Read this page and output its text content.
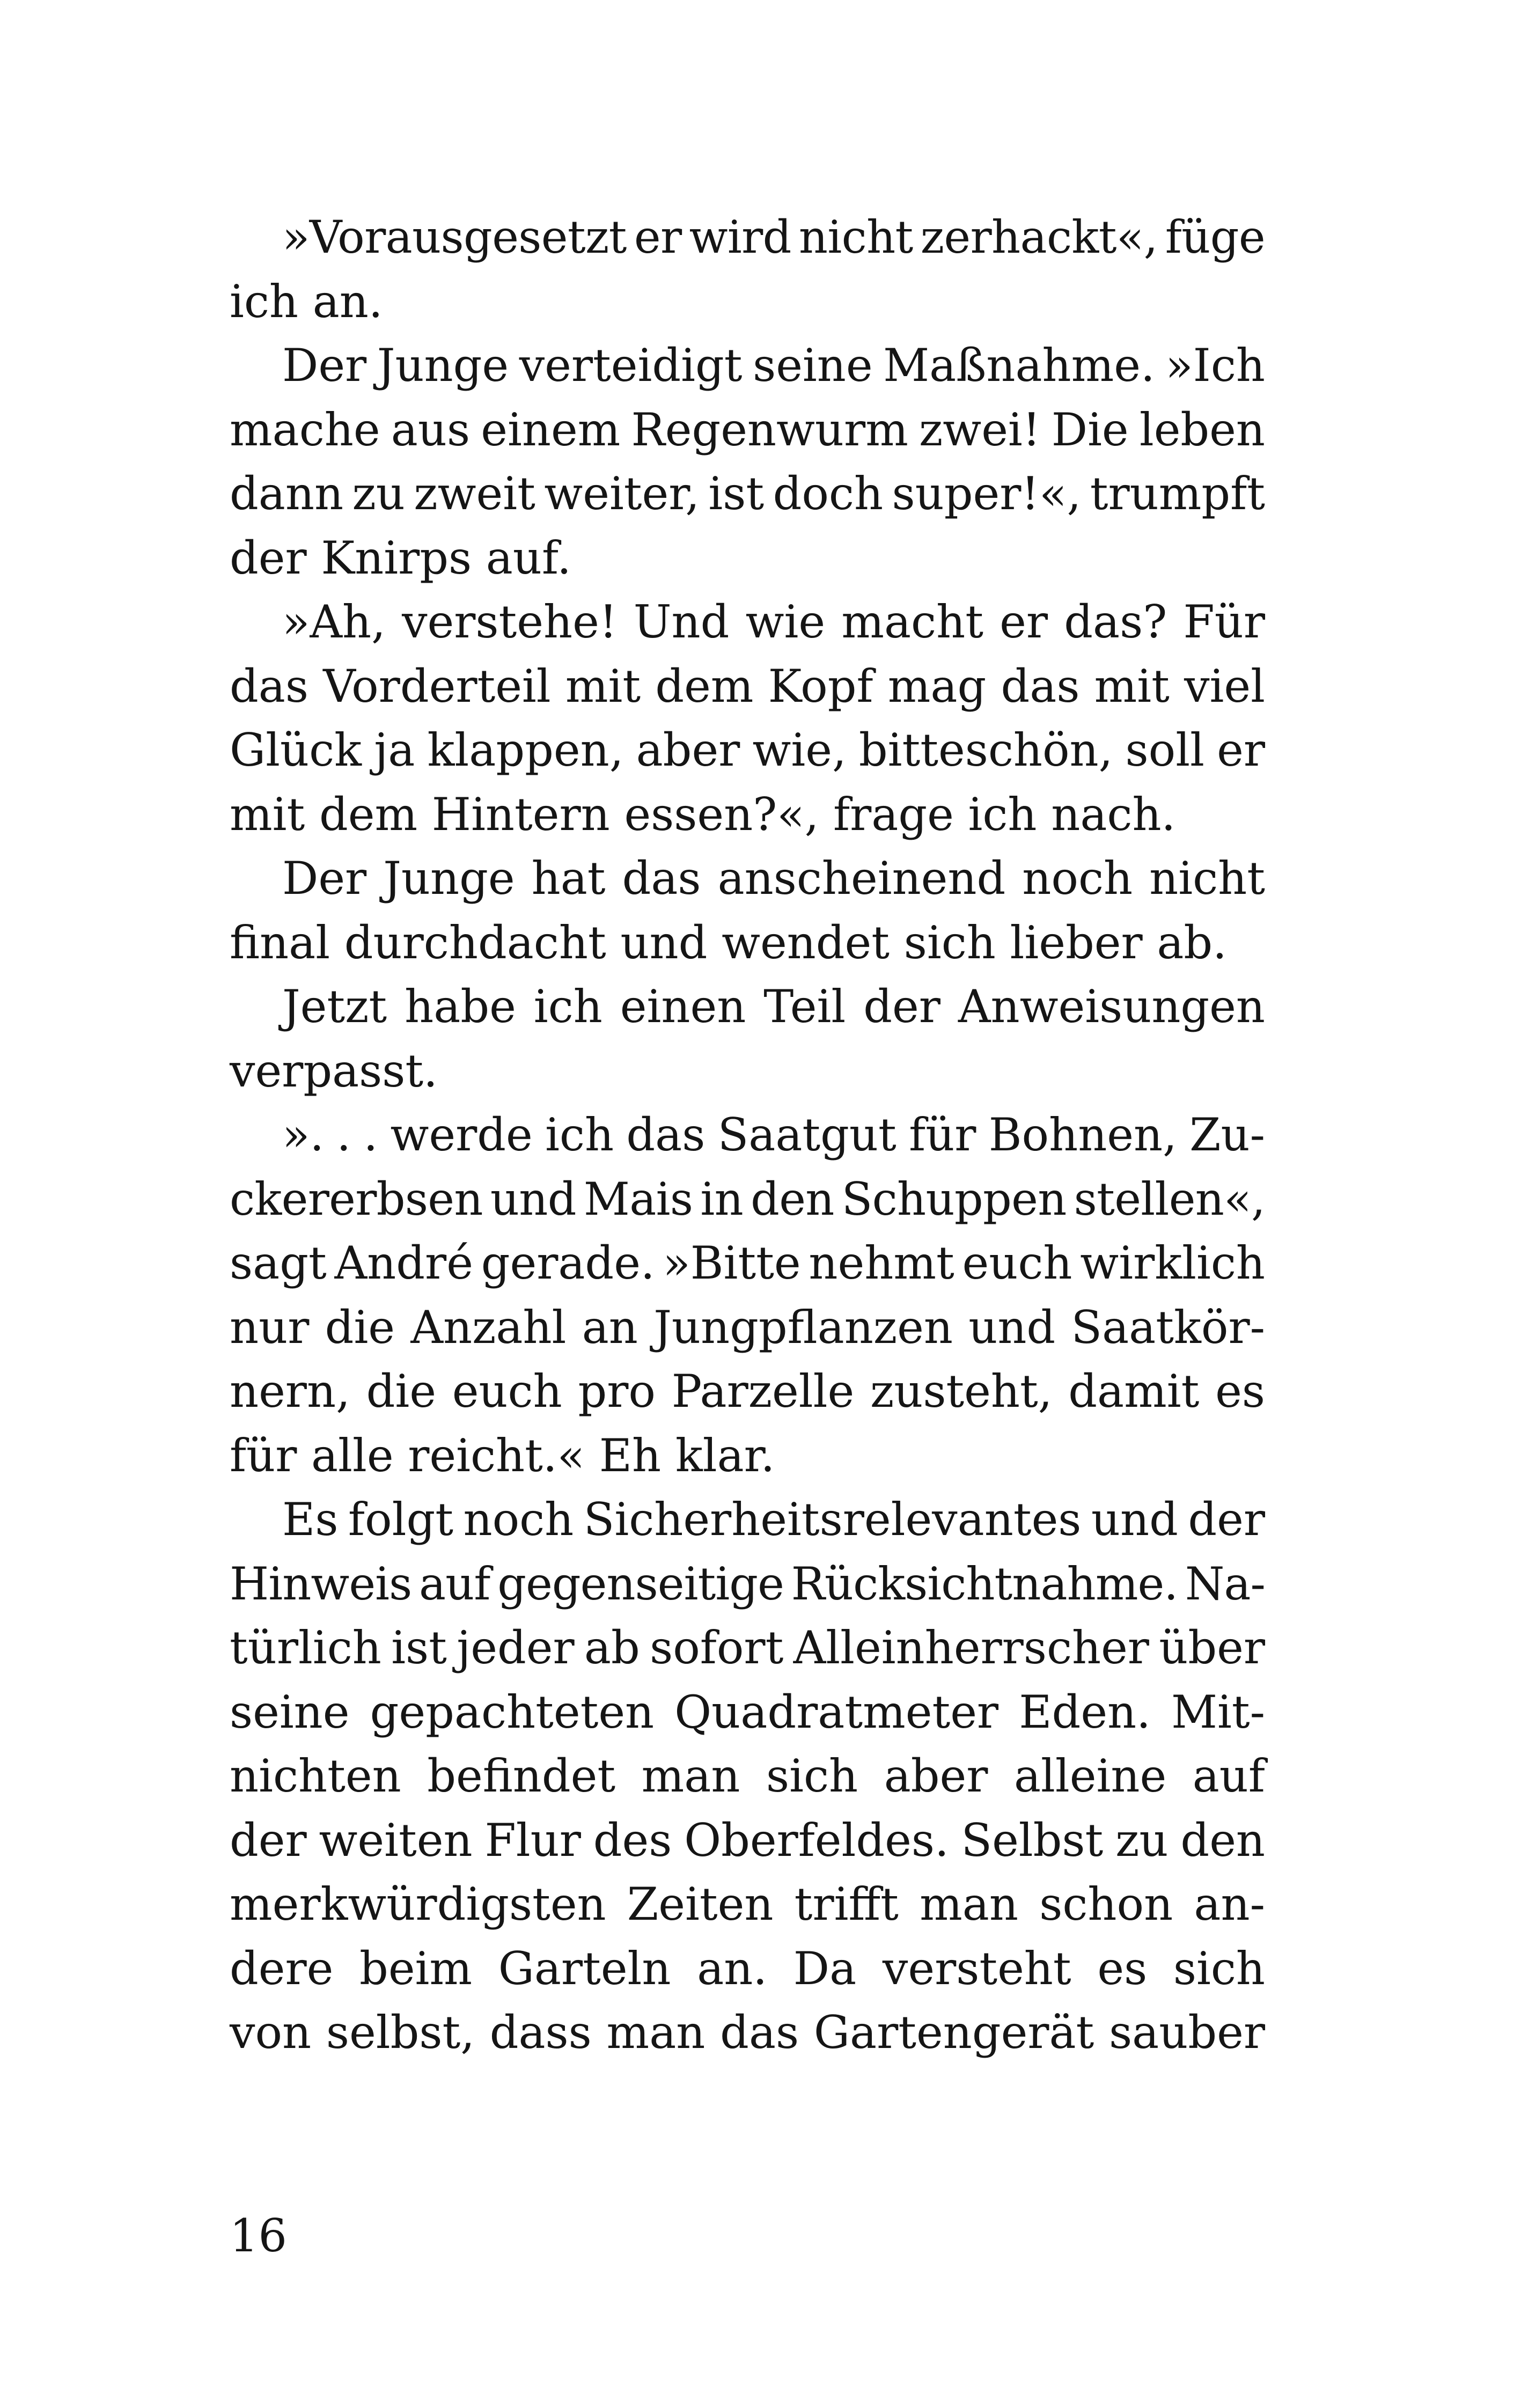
»Vorausgesetzt er wird nicht zerhackt«, füge
ich an.
Der Junge verteidigt seine Maßnahme. »Ich
mache aus einem Regenwurm zwei! Die leben
dann zu zweit weiter, ist doch super!«, trumpft
der Knirps auf.
»Ah, verstehe! Und wie macht er das? Für
das Vorderteil mit dem Kopf mag das mit viel
Glück ja klappen, aber wie, bitteschön, soll er
mit dem Hintern essen?«, frage ich nach.
Der Junge hat das anscheinend noch nicht
final durchdacht und wendet sich lieber ab.
Jetzt habe ich einen Teil der Anweisungen
verpasst.
». . . werde ich das Saatgut für Bohnen, Zu-
ckererbsen und Mais in den Schuppen stellen«,
sagt André gerade. »Bitte nehmt euch wirklich
nur die Anzahl an Jungpflanzen und Saatkör-
nern, die euch pro Parzelle zusteht, damit es
für alle reicht.« Eh klar.
Es folgt noch Sicherheitsrelevantes und der
Hinweis auf gegenseitige Rücksichtnahme. Na-
türlich ist jeder ab sofort Alleinherrscher über
seine gepachteten Quadratmeter Eden. Mit-
nichten befindet man sich aber alleine auf
der weiten Flur des Oberfeldes. Selbst zu den
merkwürdigsten Zeiten trifft man schon an-
dere beim Garteln an. Da versteht es sich
von selbst, dass man das Gartengerät sauber
16
